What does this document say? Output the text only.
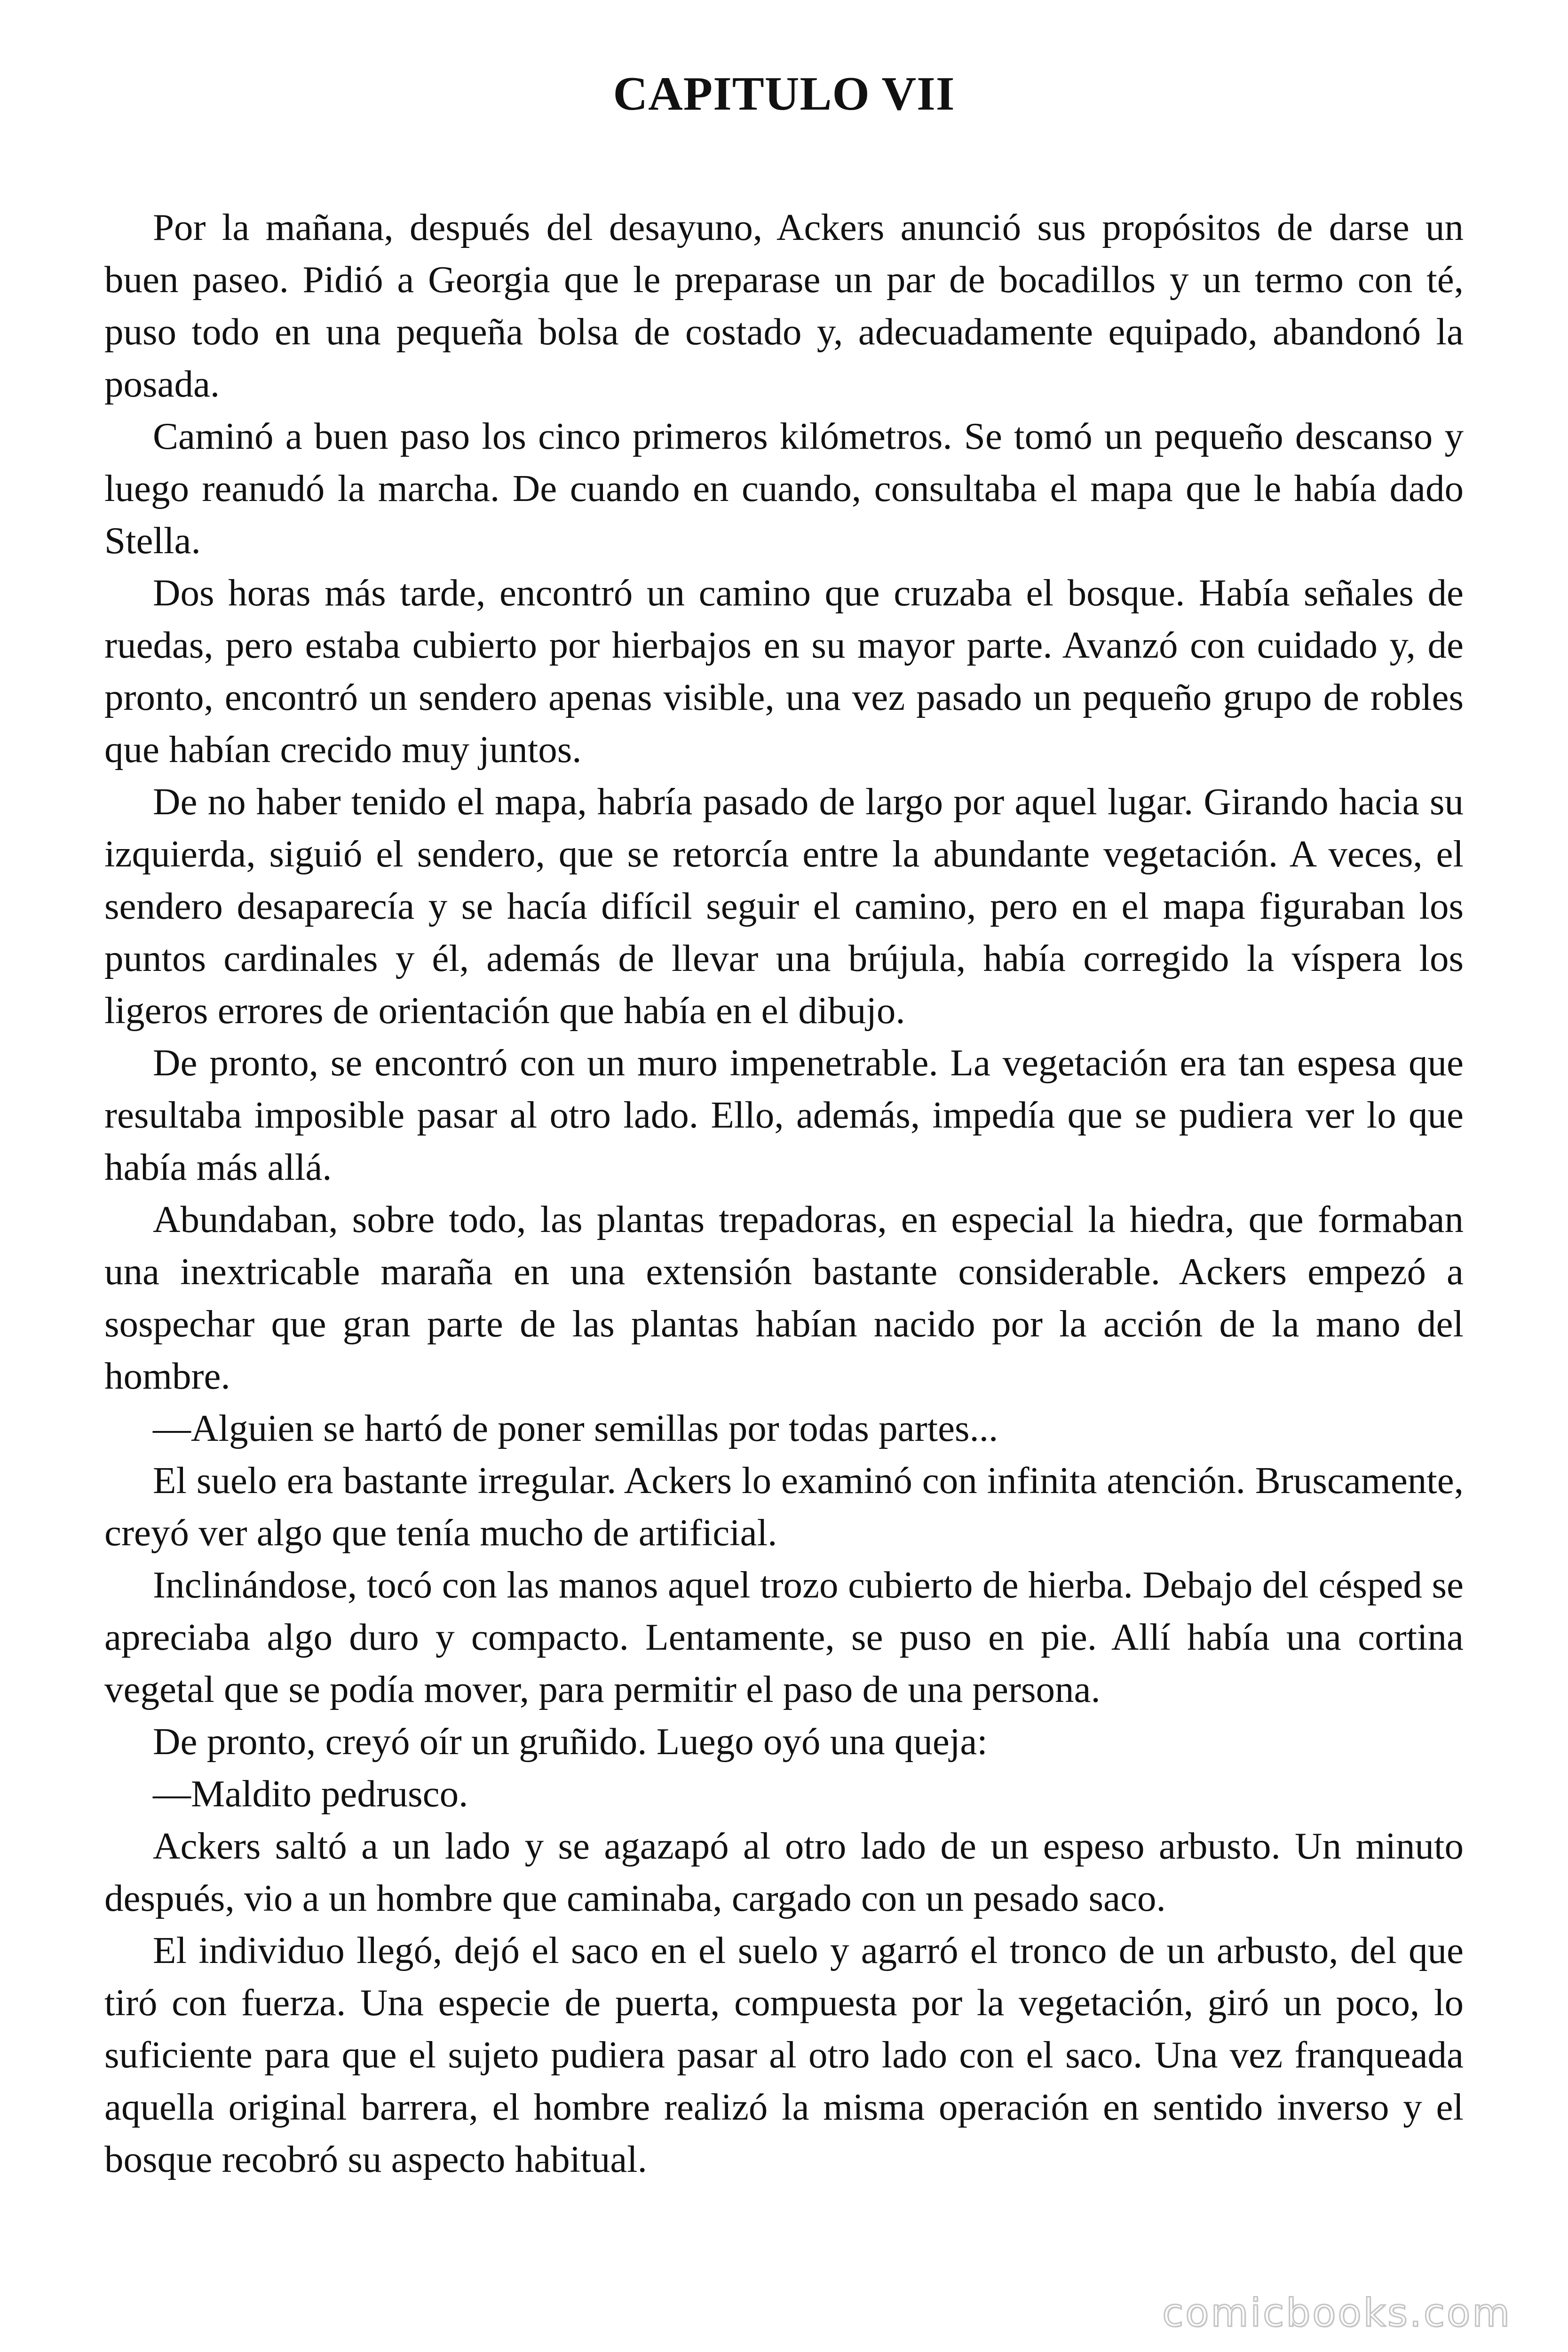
CAPITULO VII

Por la mañana, después del desayuno, Ackers anunció sus propósitos de darse un buen paseo. Pidió a Georgia que le preparase un par de bocadillos y un termo con té, puso todo en una pequeña bolsa de costado y, adecuadamente equipado, abandonó la posada.

Caminó a buen paso los cinco primeros kilómetros. Se tomó un pequeño descanso y luego reanudó la marcha. De cuando en cuando, consultaba el mapa que le había dado Stella.

Dos horas más tarde, encontró un camino que cruzaba el bosque. Había señales de ruedas, pero estaba cubierto por hierbajos en su mayor parte. Avanzó con cuidado y, de pronto, encontró un sendero apenas visible, una vez pasado un pequeño grupo de robles que habían crecido muy juntos.

De no haber tenido el mapa, habría pasado de largo por aquel lugar. Girando hacia su izquierda, siguió el sendero, que se retorcía entre la abundante vegetación. A veces, el sendero desaparecía y se hacía difícil seguir el camino, pero en el mapa figuraban los puntos cardinales y él, además de llevar una brújula, había corregido la víspera los ligeros errores de orientación que había en el dibujo.

De pronto, se encontró con un muro impenetrable. La vegetación era tan espesa que resultaba imposible pasar al otro lado. Ello, además, impedía que se pudiera ver lo que había más allá.

Abundaban, sobre todo, las plantas trepadoras, en especial la hiedra, que formaban una inextricable maraña en una extensión bastante considerable. Ackers empezó a sospechar que gran parte de las plantas habían nacido por la acción de la mano del hombre.

—Alguien se hartó de poner semillas por todas partes...

El suelo era bastante irregular. Ackers lo examinó con infinita atención. Bruscamente, creyó ver algo que tenía mucho de artificial.

Inclinándose, tocó con las manos aquel trozo cubierto de hierba. Debajo del césped se apreciaba algo duro y compacto. Lentamente, se puso en pie. Allí había una cortina vegetal que se podía mover, para permitir el paso de una persona.

De pronto, creyó oír un gruñido. Luego oyó una queja:

—Maldito pedrusco.

Ackers saltó a un lado y se agazapó al otro lado de un espeso arbusto. Un minuto después, vio a un hombre que caminaba, cargado con un pesado saco.

El individuo llegó, dejó el saco en el suelo y agarró el tronco de un arbusto, del que tiró con fuerza. Una especie de puerta, compuesta por la vegetación, giró un poco, lo suficiente para que el sujeto pudiera pasar al otro lado con el saco. Una vez franqueada aquella original barrera, el hombre realizó la misma operación en sentido inverso y el bosque recobró su aspecto habitual.

comicbooks.com
